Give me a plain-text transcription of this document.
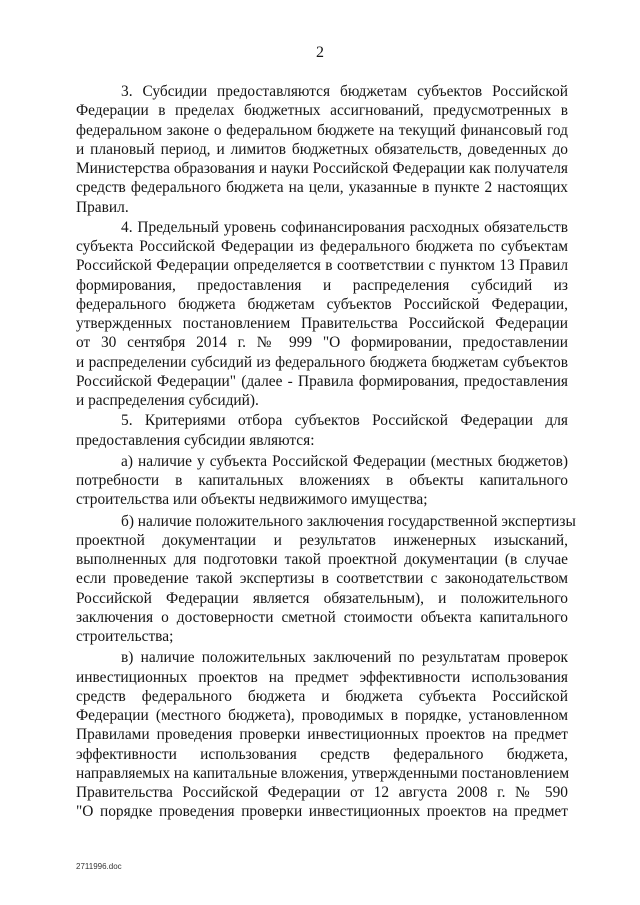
2
3. Субсидии предоставляются бюджетам субъектов Российской
Федерации в пределах бюджетных ассигнований, предусмотренных в
федеральном законе о федеральном бюджете на текущий финансовый год
и плановый период, и лимитов бюджетных обязательств, доведенных до
Министерства образования и науки Российской Федерации как получателя
средств федерального бюджета на цели, указанные в пункте 2 настоящих
Правил.
4. Предельный уровень софинансирования расходных обязательств
субъекта Российской Федерации из федерального бюджета по субъектам
Российской Федерации определяется в соответствии с пунктом 13 Правил
формирования, предоставления и распределения субсидий из
федерального бюджета бюджетам субъектов Российской Федерации,
утвержденных постановлением Правительства Российской Федерации
от 30 сентября 2014 г. № 999 "О формировании, предоставлении
и распределении субсидий из федерального бюджета бюджетам субъектов
Российской Федерации" (далее - Правила формирования, предоставления
и распределения субсидий).
5. Критериями отбора субъектов Российской Федерации для
предоставления субсидии являются:
а) наличие у субъекта Российской Федерации (местных бюджетов)
потребности в капитальных вложениях в объекты капитального
строительства или объекты недвижимого имущества;
б) наличие положительного заключения государственной экспертизы
проектной документации и результатов инженерных изысканий,
выполненных для подготовки такой проектной документации (в случае
если проведение такой экспертизы в соответствии с законодательством
Российской Федерации является обязательным), и положительного
заключения о достоверности сметной стоимости объекта капитального
строительства;
в) наличие положительных заключений по результатам проверок
инвестиционных проектов на предмет эффективности использования
средств федерального бюджета и бюджета субъекта Российской
Федерации (местного бюджета), проводимых в порядке, установленном
Правилами проведения проверки инвестиционных проектов на предмет
эффективности использования средств федерального бюджета,
направляемых на капитальные вложения, утвержденными постановлением
Правительства Российской Федерации от 12 августа 2008 г. № 590
"О порядке проведения проверки инвестиционных проектов на предмет
2711996.doc
